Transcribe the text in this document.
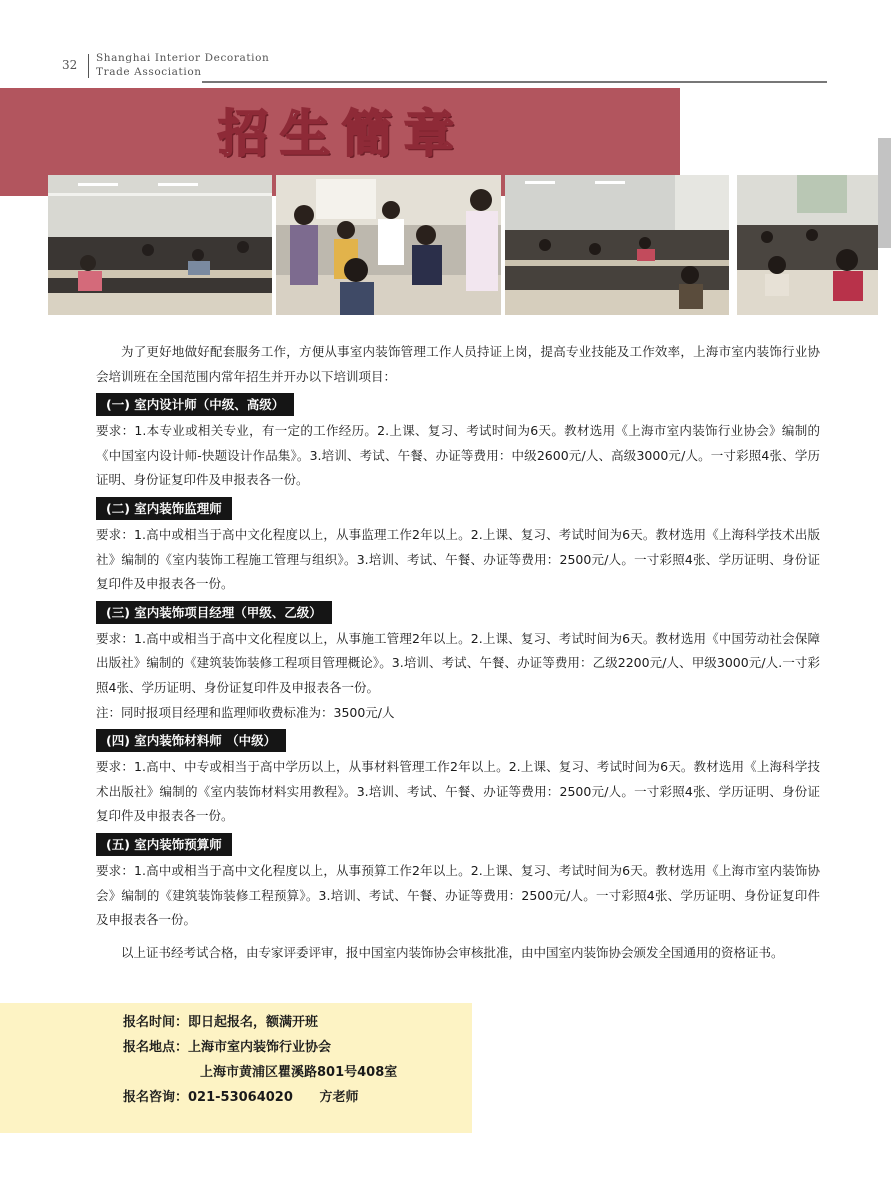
32 Shanghai Interior Decoration
Trade Association
招生簡章

为了更好地做好配套服务工作，方便从事室内装饰管理工作人员持证上岗，提高专业技能及工作效率，上海市室内装饰行业协会培训班在全国范围内常年招生并开办以下培训项目：

(一) 室内设计师（中级、高级）

要求：1.本专业或相关专业，有一定的工作经历。2.上课、复习、考试时间为6天。教材选用《上海市室内装饰行业协会》编制的《中国室内设计师-快题设计作品集》。3.培训、考试、午餐、办证等费用：中级2600元/人、高级3000元/人。一寸彩照4张、学历证明、身份证复印件及申报表各一份。

(二) 室内装饰监理师

要求：1.高中或相当于高中文化程度以上，从事监理工作2年以上。2.上课、复习、考试时间为6天。教材选用《上海科学技术出版社》编制的《室内装饰工程施工管理与组织》。3.培训、考试、午餐、办证等费用：2500元/人。一寸彩照4张、学历证明、身份证复印件及申报表各一份。

(三) 室内装饰项目经理（甲级、乙级）

要求：1.高中或相当于高中文化程度以上，从事施工管理2年以上。2.上课、复习、考试时间为6天。教材选用《中国劳动社会保障出版社》编制的《建筑装饰装修工程项目管理概论》。3.培训、考试、午餐、办证等费用：乙级2200元/人、甲级3000元/人.一寸彩照4张、学历证明、身份证复印件及申报表各一份。

注：同时报项目经理和监理师收费标准为：3500元/人

(四) 室内装饰材料师 （中级）

要求：1.高中、中专或相当于高中学历以上，从事材料管理工作2年以上。2.上课、复习、考试时间为6天。教材选用《上海科学技术出版社》编制的《室内装饰材料实用教程》。3.培训、考试、午餐、办证等费用：2500元/人。一寸彩照4张、学历证明、身份证复印件及申报表各一份。

(五) 室内装饰预算师

要求：1.高中或相当于高中文化程度以上，从事预算工作2年以上。2.上课、复习、考试时间为6天。教材选用《上海市室内装饰协会》编制的《建筑装饰装修工程预算》。3.培训、考试、午餐、办证等费用：2500元/人。一寸彩照4张、学历证明、身份证复印件及申报表各一份。

以上证书经考试合格，由专家评委评审，报中国室内装饰协会审核批准，由中国室内装饰协会颁发全国通用的资格证书。

报名时间：即日起报名，额满开班
报名地点：上海市室内装饰行业协会
上海市黄浦区瞿溪路801号408室
报名咨询：021-53064020 方老师
